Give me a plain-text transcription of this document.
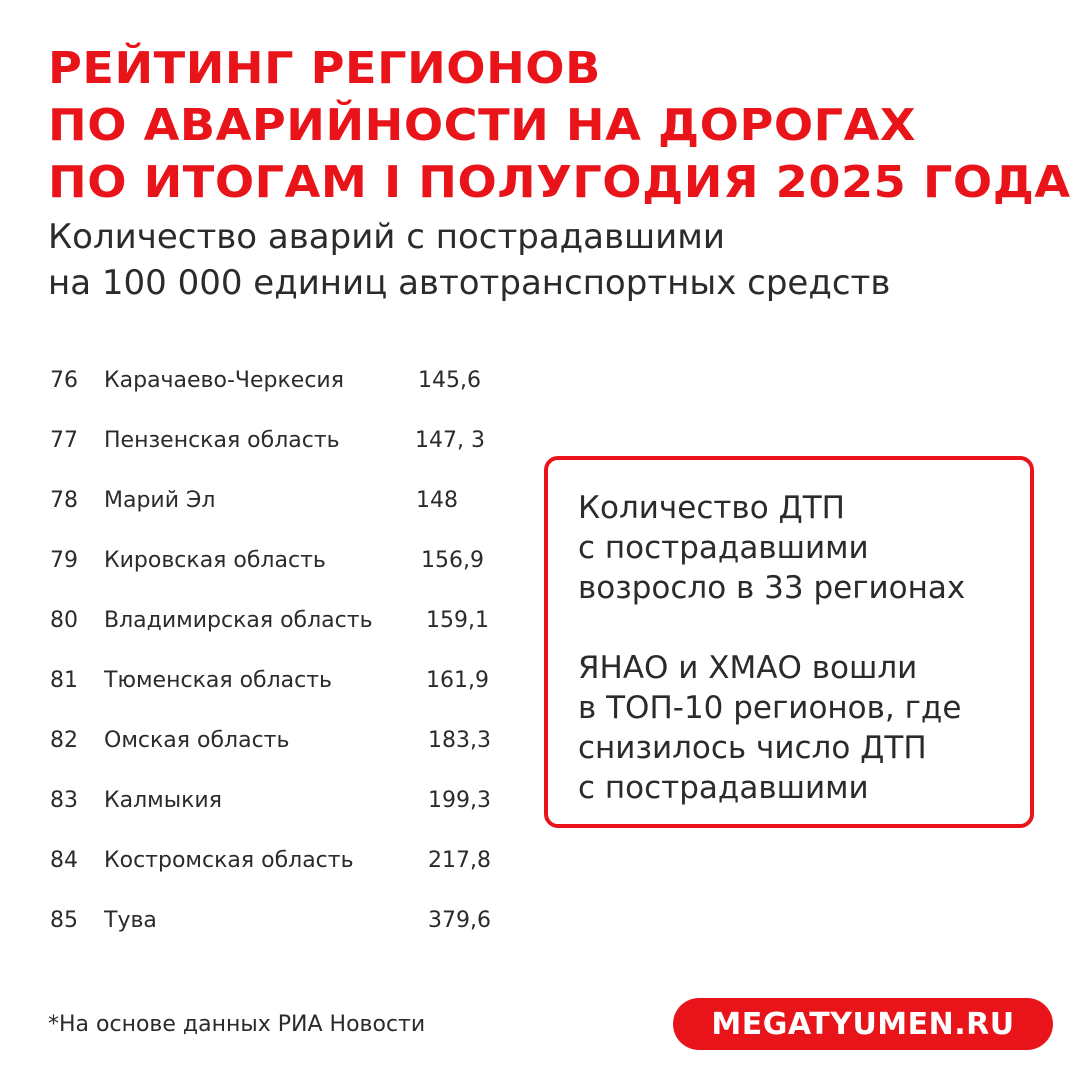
РЕЙТИНГ РЕГИОНОВ
ПО АВАРИЙНОСТИ НА ДОРОГАХ
ПО ИТОГАМ I ПОЛУГОДИЯ 2025 ГОДА
Количество аварий с пострадавшими
на 100 000 единиц автотранспортных средств
76 Карачаево-Черкесия	145,6
77 Пензенская область	147, 3
78 Марий Эл	148
79 Кировская область	156,9
80 Владимирская область 159,1
81 Тюменская область	161,9
82 Омская область	183,3
83 Калмыкия	199,3
84 Костромская область	217,8
85 Тува	379,6

Количество ДТП
с пострадавшими
возросло в 33 регионах

ЯНАО и ХМАО вошли
в ТОП-10 регионов, где
снизилось число ДТП
с пострадавшими

*На основе данных РИА Новости	MEGATYUMEN.RU
